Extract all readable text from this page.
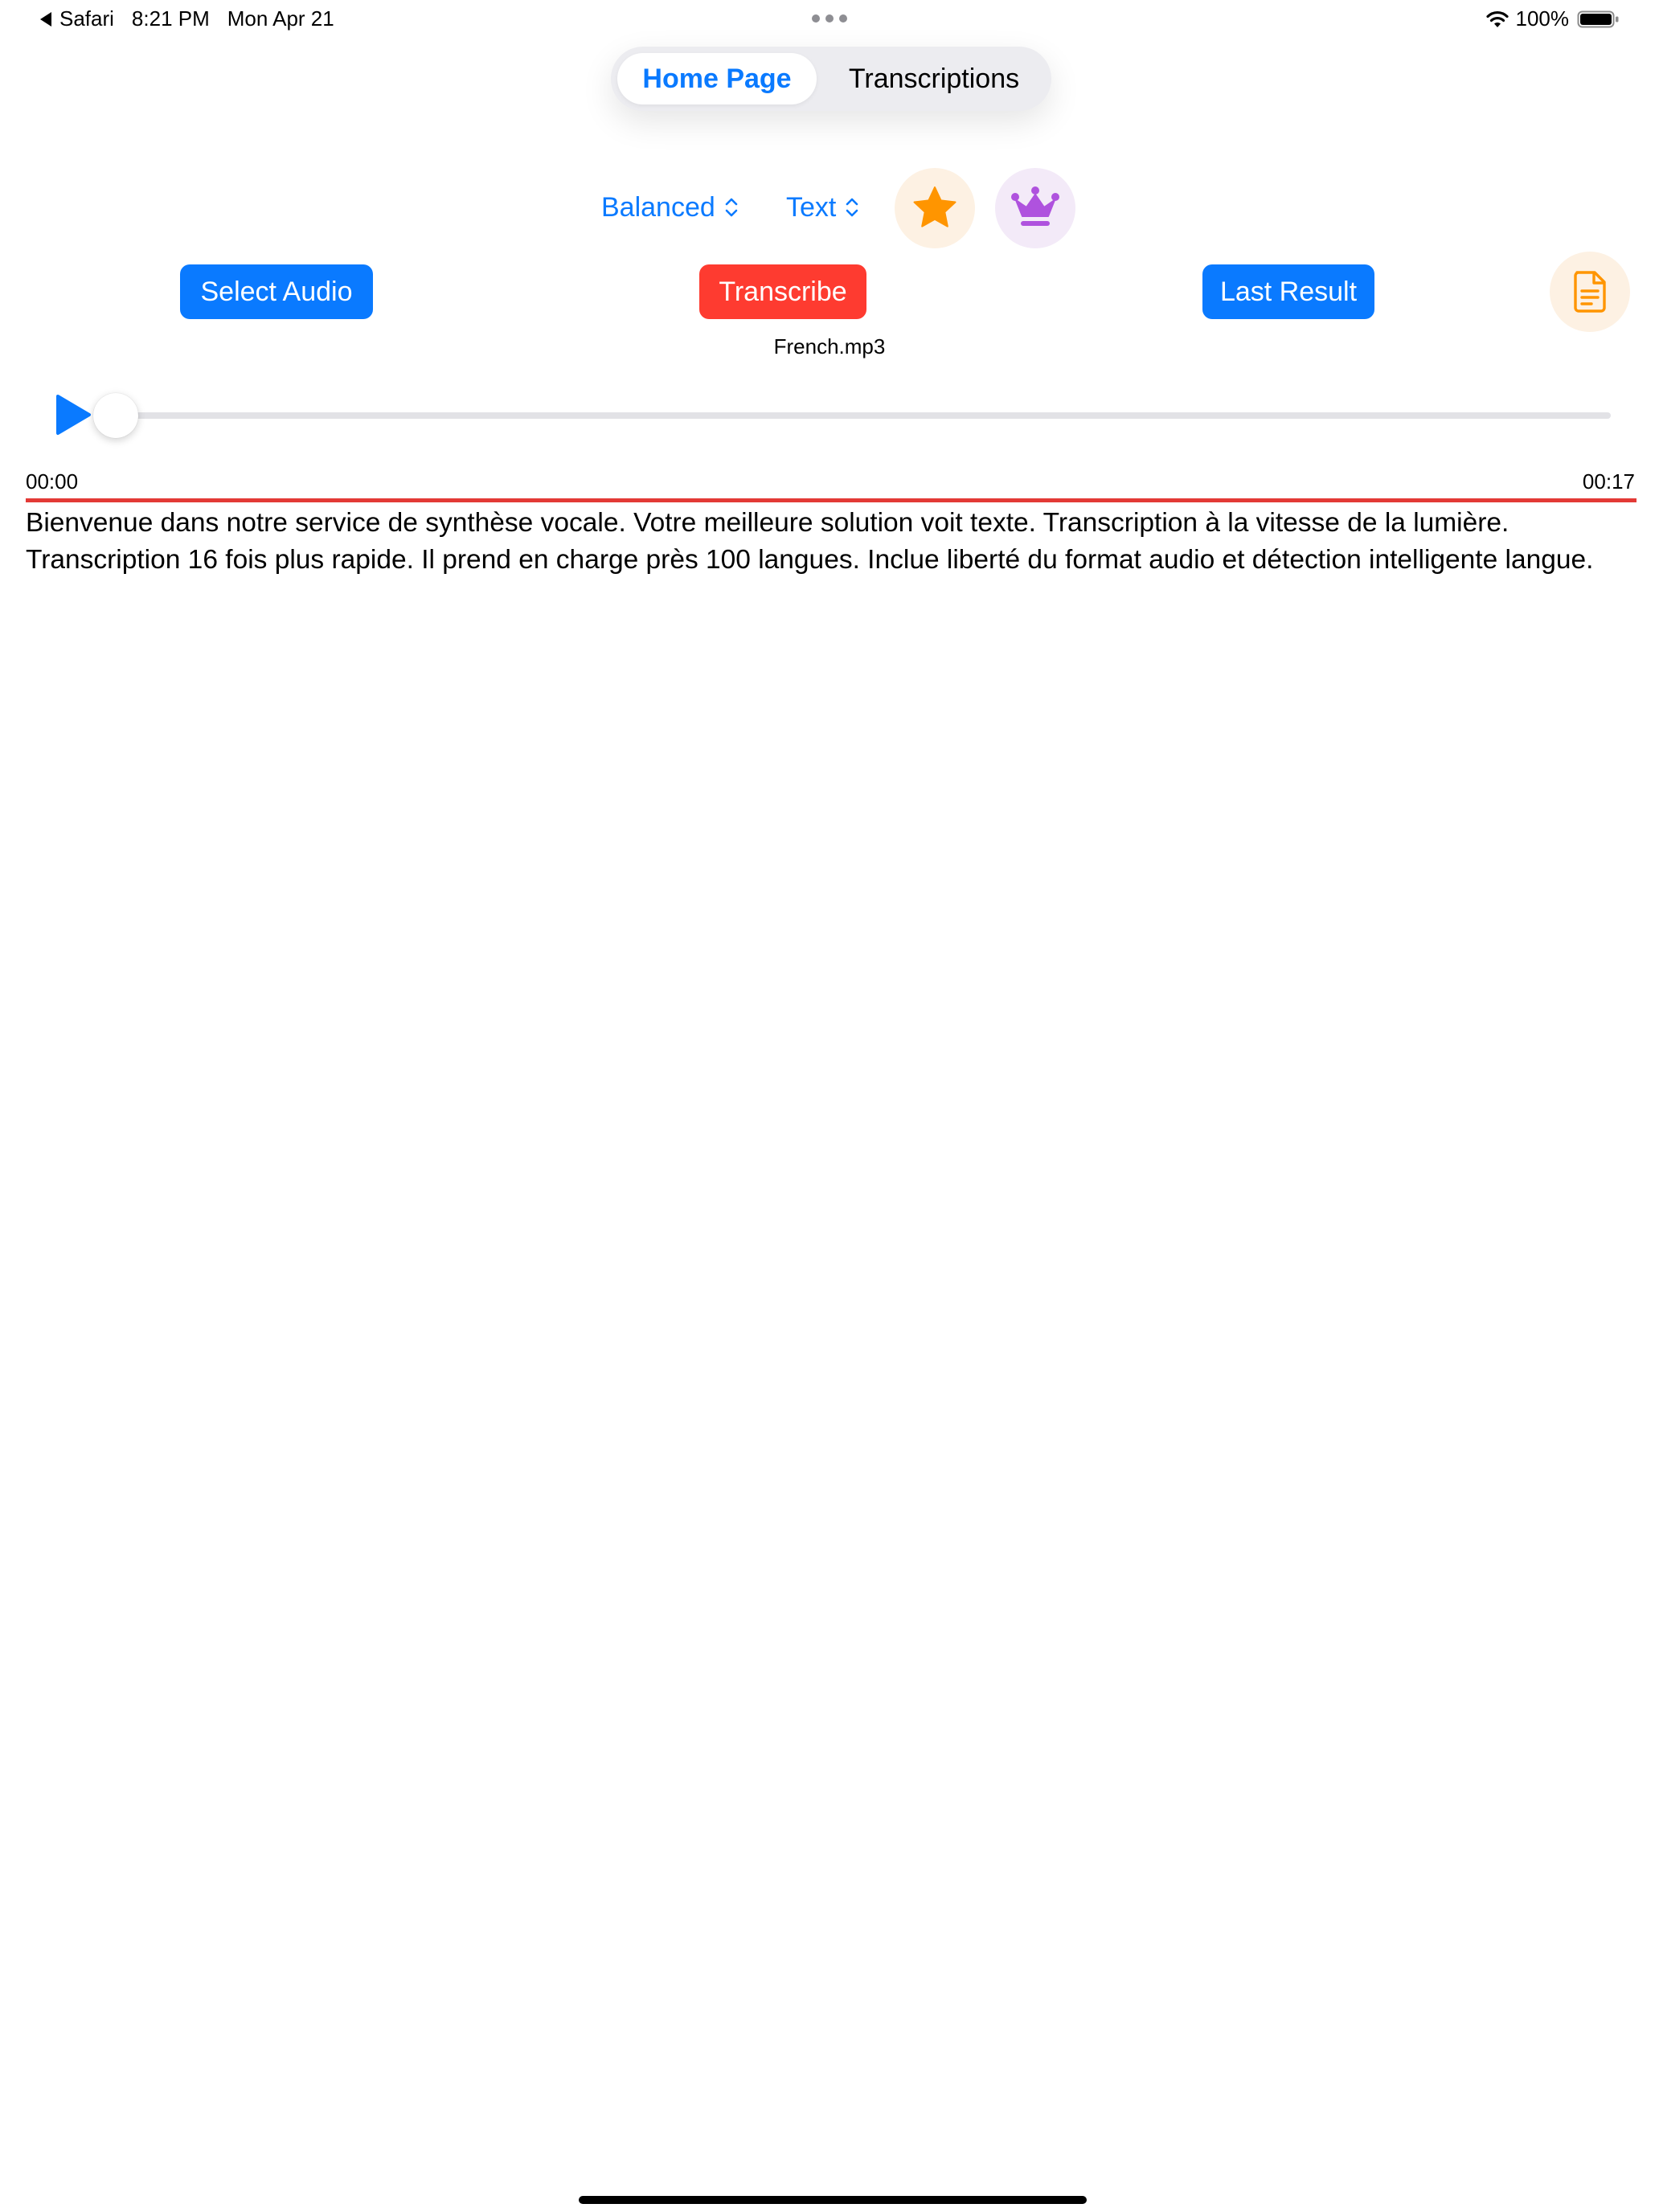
Safari 8:21 PM Mon Apr 21	100%
Home Page	Transcriptions
Balanced	Text
Select Audio	Transcribe	Last Result
French.mp3
00:00	00:17
Bienvenue dans notre service de synthèse vocale. Votre meilleure solution voit texte. Transcription à la vitesse de la lumière. Transcription 16 fois plus rapide. Il prend en charge près 100 langues. Inclue liberté du format audio et détection intelligente langue.
